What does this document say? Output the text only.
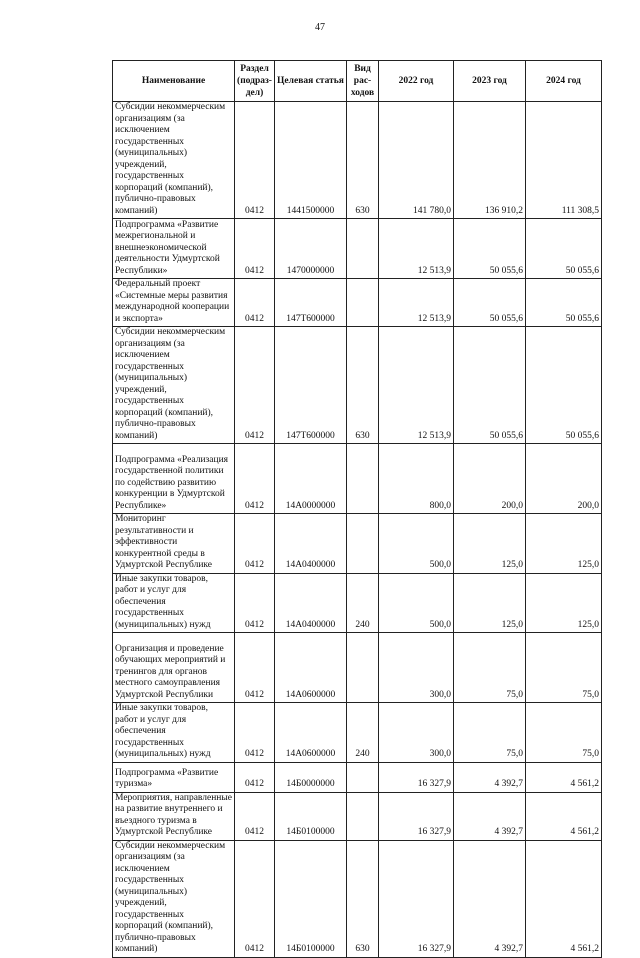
47
Наименование	Раздел (подраз-дел)	Целевая статья	Вид рас-ходов	2022 год	2023 год	2024 год
Субсидии некоммерческим организациям (за исключением государственных (муниципальных) учреждений, государственных корпораций (компаний), публично-правовых компаний)	0412	1441500000	630	141 780,0	136 910,2	111 308,5
Подпрограмма «Развитие межрегиональной и внешнеэкономической деятельности Удмуртской Республики»	0412	1470000000		12 513,9	50 055,6	50 055,6
Федеральный проект «Системные меры развития международной кооперации и экспорта»	0412	147T600000		12 513,9	50 055,6	50 055,6
Субсидии некоммерческим организациям (за исключением государственных (муниципальных) учреждений, государственных корпораций (компаний), публично-правовых компаний)	0412	147T600000	630	12 513,9	50 055,6	50 055,6
Подпрограмма «Реализация государственной политики по содействию развитию конкуренции в Удмуртской Республике»	0412	14A0000000		800,0	200,0	200,0
Мониторинг результативности и эффективности конкурентной среды в Удмуртской Республике	0412	14A0400000		500,0	125,0	125,0
Иные закупки товаров, работ и услуг для обеспечения государственных (муниципальных) нужд	0412	14A0400000	240	500,0	125,0	125,0
Организация и проведение обучающих мероприятий и тренингов для органов местного самоуправления Удмуртской Республики	0412	14A0600000		300,0	75,0	75,0
Иные закупки товаров, работ и услуг для обеспечения государственных (муниципальных) нужд	0412	14A0600000	240	300,0	75,0	75,0
Подпрограмма «Развитие туризма»	0412	14Б0000000		16 327,9	4 392,7	4 561,2
Мероприятия, направленные на развитие внутреннего и въездного туризма в Удмуртской Республике	0412	14Б0100000		16 327,9	4 392,7	4 561,2
Субсидии некоммерческим организациям (за исключением государственных (муниципальных) учреждений, государственных корпораций (компаний), публично-правовых компаний)	0412	14Б0100000	630	16 327,9	4 392,7	4 561,2
